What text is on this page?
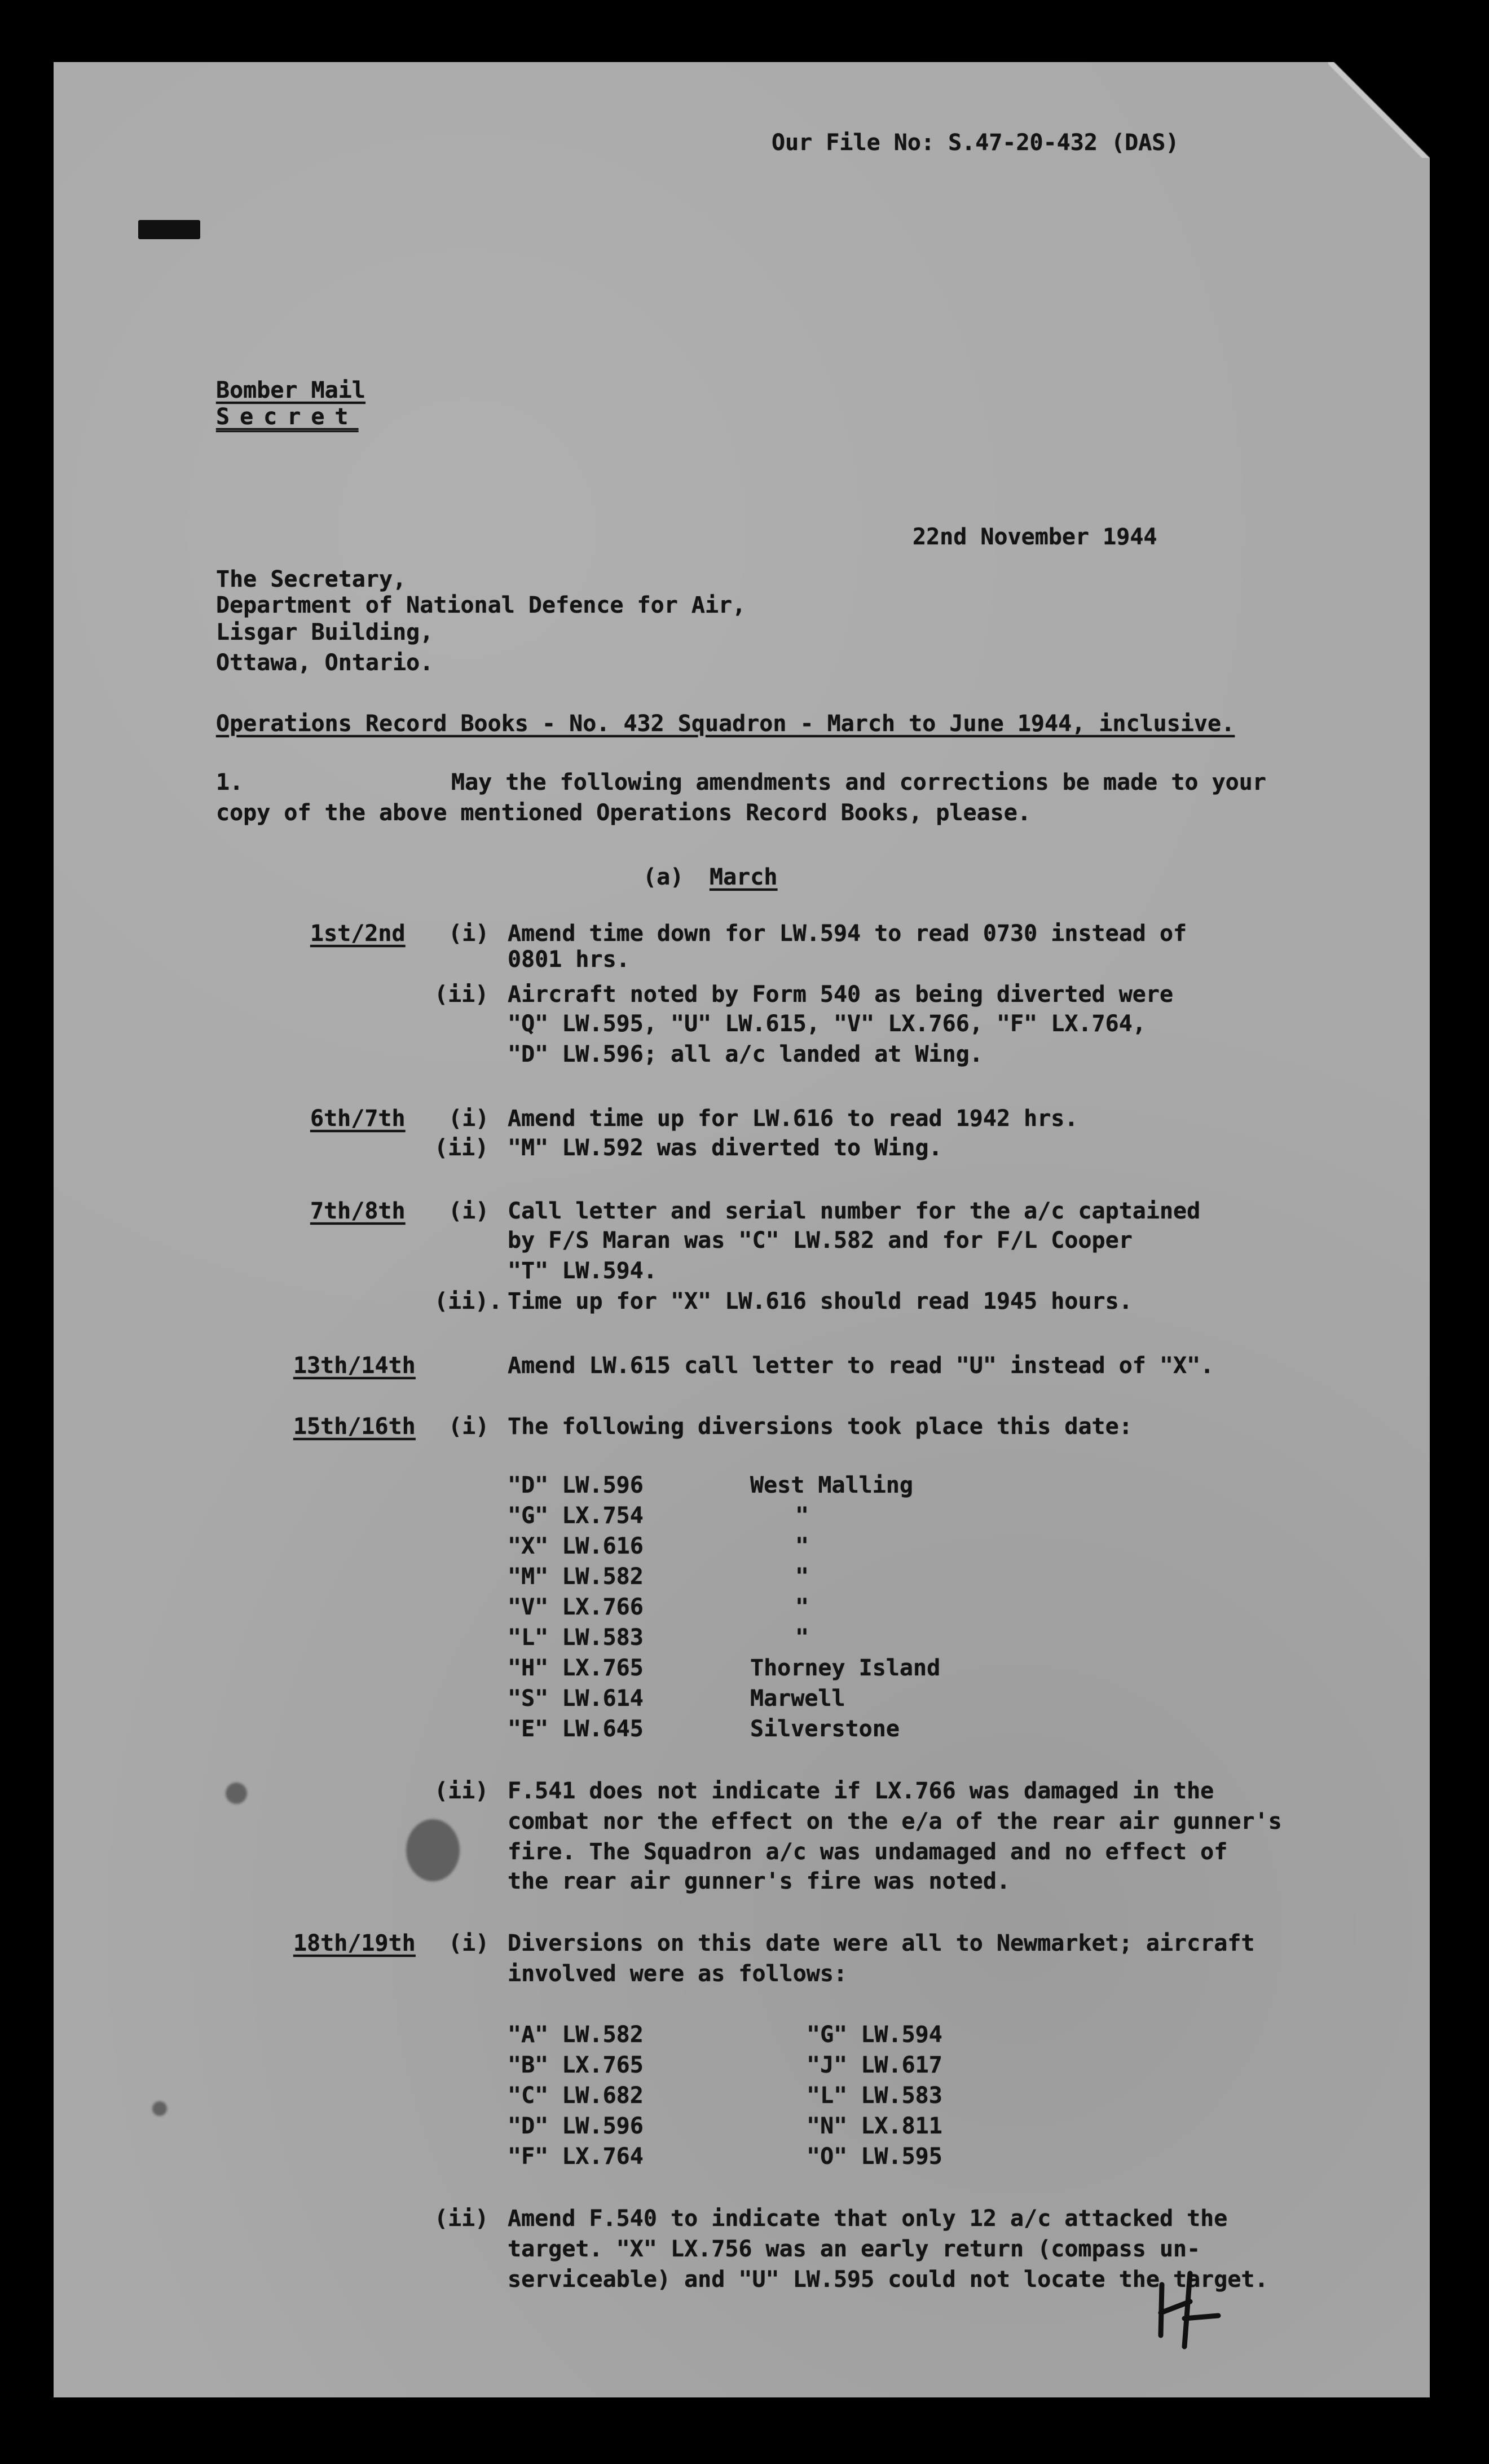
Our File No: S.47-20-432 (DAS)
Bomber Mail
Secret
22nd November 1944
The Secretary,
Department of National Defence for Air,
Lisgar Building,
Ottawa, Ontario.
Operations Record Books - No. 432 Squadron - March to June 1944, inclusive.
1.	May the following amendments and corrections be made to your
copy of the above mentioned Operations Record Books, please.
(a) March
1st/2nd (i) Amend time down for LW.594 to read 0730 instead of
0801 hrs.
(ii) Aircraft noted by Form 540 as being diverted were
"Q" LW.595, "U" LW.615, "V" LX.766, "F" LX.764,
"D" LW.596; all a/c landed at Wing.
6th/7th (i) Amend time up for LW.616 to read 1942 hrs.
(ii) "M" LW.592 was diverted to Wing.
7th/8th (i) Call letter and serial number for the a/c captained
by F/S Maran was "C" LW.582 and for F/L Cooper
"T" LW.594.
(ii). Time up for "X" LW.616 should read 1945 hours.
13th/14th	Amend LW.615 call letter to read "U" instead of "X".
15th/16th (i) The following diversions took place this date:
"D" LW.596	West Malling
"G" LX.754	"
"X" LW.616	"
"M" LW.582	"
"V" LX.766	"
"L" LW.583	"
"H" LX.765	Thorney Island
"S" LW.614	Marwell
"E" LW.645	Silverstone
(ii) F.541 does not indicate if LX.766 was damaged in the
combat nor the effect on the e/a of the rear air gunner's
fire. The Squadron a/c was undamaged and no effect of
the rear air gunner's fire was noted.
18th/19th (i) Diversions on this date were all to Newmarket; aircraft
involved were as follows:
"A" LW.582	"G" LW.594
"B" LX.765	"J" LW.617
"C" LW.682	"L" LW.583
"D" LW.596	"N" LX.811
"F" LX.764	"O" LW.595
(ii) Amend F.540 to indicate that only 12 a/c attacked the
target. "X" LX.756 was an early return (compass un-
serviceable) and "U" LW.595 could not locate the target.
